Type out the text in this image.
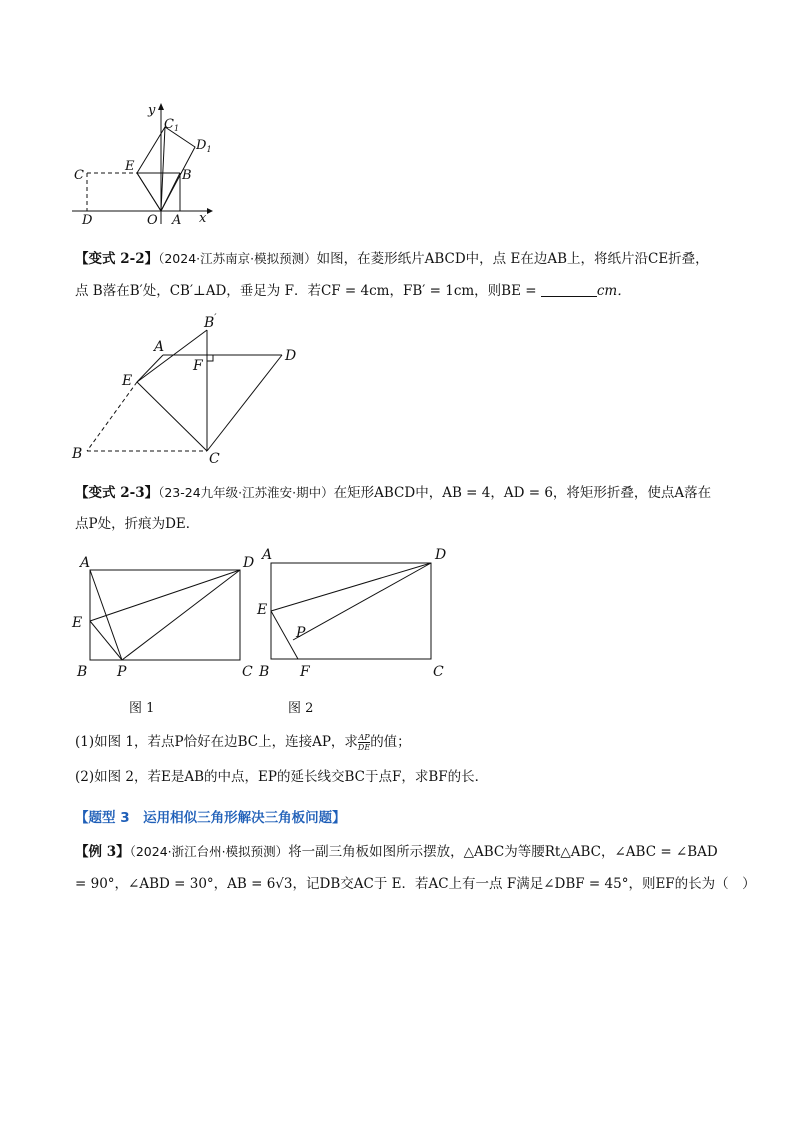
y
$C_1$
$D_1$
E
B
C
D	O A x
【变式 2-2】（2024·江苏南京·模拟预测）如图，在菱形纸片ABCD中，点 E在边AB上，将纸片沿CE折叠，
点 B落在B′处，CB′⊥AD，垂足为 F．若CF = 4cm，FB′ = 1cm，则BE =	cm．
B′
A
F
D
E
B	C
【变式 2-3】（23-24九年级·江苏淮安·期中）在矩形ABCD中，AB = 4，AD = 6，将矩形折叠，使点A落在
点P处，折痕为DE．
A	D
E
B P	C
A	D
E
P
B F	C
图 1	图 2
(1)如图 1，若点P恰好在边BC上，连接AP，求 $\frac{AP}{DE}$ 的值；
(2)如图 2，若E是AB的中点，EP的延长线交BC于点F，求BF的长．
【题型 3　运用相似三角形解决三角板问题】
【例 3】（2024·浙江台州·模拟预测）将一副三角板如图所示摆放，△ABC为等腰Rt△ABC，∠ABC = ∠BAD
= 90°，∠ABD = 30°，AB = 6√3，记DB交AC于 E．若AC上有一点 F满足∠DBF = 45°，则EF的长为（　）
